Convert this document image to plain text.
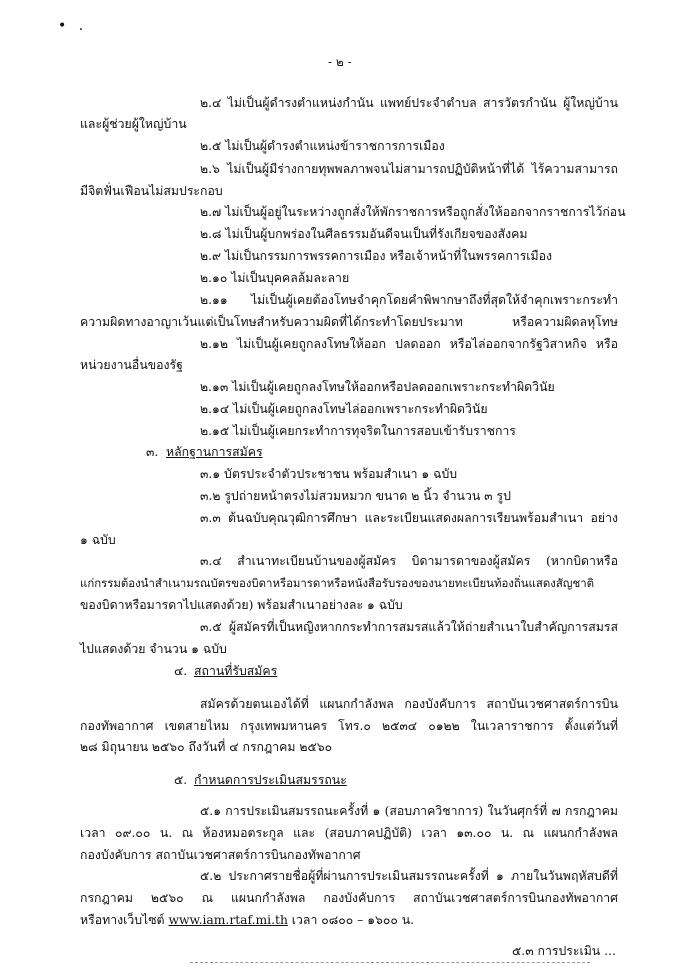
• .
- ๒ -
๒.๔ ไม่เป็นผู้ดำรงตำแหน่งกำนัน แพทย์ประจำตำบล สารวัตรกำนัน ผู้ใหญ่บ้าน
และผู้ช่วยผู้ใหญ่บ้าน
๒.๕ ไม่เป็นผู้ดำรงตำแหน่งข้าราชการการเมือง
๒.๖ ไม่เป็นผู้มีร่างกายทุพพลภาพจนไม่สามารถปฏิบัติหน้าที่ได้ ไร้ความสามารถ
มีจิตฟั่นเฟือนไม่สมประกอบ
๒.๗ ไม่เป็นผู้อยู่ในระหว่างถูกสั่งให้พักราชการหรือถูกสั่งให้ออกจากราชการไว้ก่อน
๒.๘ ไม่เป็นผู้บกพร่องในศีลธรรมอันดีจนเป็นที่รังเกียจของสังคม
๒.๙ ไม่เป็นกรรมการพรรคการเมือง หรือเจ้าหน้าที่ในพรรคการเมือง
๒.๑๐ ไม่เป็นบุคคลล้มละลาย
๒.๑๑ ไม่เป็นผู้เคยต้องโทษจำคุกโดยคำพิพากษาถึงที่สุดให้จำคุกเพราะกระทำ
ความผิดทางอาญาเว้นแต่เป็นโทษสำหรับความผิดที่ได้กระทำโดยประมาท หรือความผิดลหุโทษ
๒.๑๒ ไม่เป็นผู้เคยถูกลงโทษให้ออก ปลดออก หรือไล่ออกจากรัฐวิสาหกิจ หรือ
หน่วยงานอื่นของรัฐ
๒.๑๓ ไม่เป็นผู้เคยถูกลงโทษให้ออกหรือปลดออกเพราะกระทำผิดวินัย
๒.๑๔ ไม่เป็นผู้เคยถูกลงโทษไล่ออกเพราะกระทำผิดวินัย
๒.๑๕ ไม่เป็นผู้เคยกระทำการทุจริตในการสอบเข้ารับราชการ
๓. หลักฐานการสมัคร
๓.๑ บัตรประจำตัวประชาชน พร้อมสำเนา ๑ ฉบับ
๓.๒ รูปถ่ายหน้าตรงไม่สวมหมวก ขนาด ๒ นิ้ว จำนวน ๓ รูป
๓.๓ ต้นฉบับคุณวุฒิการศึกษา และระเบียนแสดงผลการเรียนพร้อมสำเนา อย่าง
๑ ฉบับ
๓.๔ สำเนาทะเบียนบ้านของผู้สมัคร บิดามารดาของผู้สมัคร (หากบิดาหรือ
แก่กรรมต้องนำสำเนามรณบัตรของบิดาหรือมารดาหรือหนังสือรับรองของนายทะเบียนท้องถิ่นแสดงสัญชาติ
ของบิดาหรือมารดาไปแสดงด้วย) พร้อมสำเนาอย่างละ ๑ ฉบับ
๓.๕ ผู้สมัครที่เป็นหญิงหากกระทำการสมรสแล้วให้ถ่ายสำเนาใบสำคัญการสมรส
ไปแสดงด้วย จำนวน ๑ ฉบับ
๔. สถานที่รับสมัคร
สมัครด้วยตนเองได้ที่ แผนกกำลังพล กองบังคับการ สถาบันเวชศาสตร์การบิน
กองทัพอากาศ เขตสายไหม กรุงเทพมหานคร โทร.๐ ๒๕๓๔ ๐๑๒๒ ในเวลาราชการ ตั้งแต่วันที่
๒๘ มิถุนายน ๒๕๖๐ ถึงวันที่ ๔ กรกฎาคม ๒๕๖๐
๕. กำหนดการประเมินสมรรถนะ
๕.๑ การประเมินสมรรถนะครั้งที่ ๑ (สอบภาควิชาการ) ในวันศุกร์ที่ ๗ กรกฎาคม
เวลา ๐๙.๐๐ น. ณ ห้องหมอตระกูล และ (สอบภาคปฏิบัติ) เวลา ๑๓.๐๐ น. ณ แผนกกำลังพล
กองบังคับการ สถาบันเวชศาสตร์การบินกองทัพอากาศ
๕.๒ ประกาศรายชื่อผู้ที่ผ่านการประเมินสมรรถนะครั้งที่ ๑ ภายในวันพฤหัสบดีที่
กรกฎาคม ๒๕๖๐ ณ แผนกกำลังพล กองบังคับการ สถาบันเวชศาสตร์การบินกองทัพอากาศ
หรือทางเว็บไซต์ www.iam.rtaf.mi.th เวลา ๐๘๐๐ – ๑๖๐๐ น.
๕.๓ การประเมิน ...
